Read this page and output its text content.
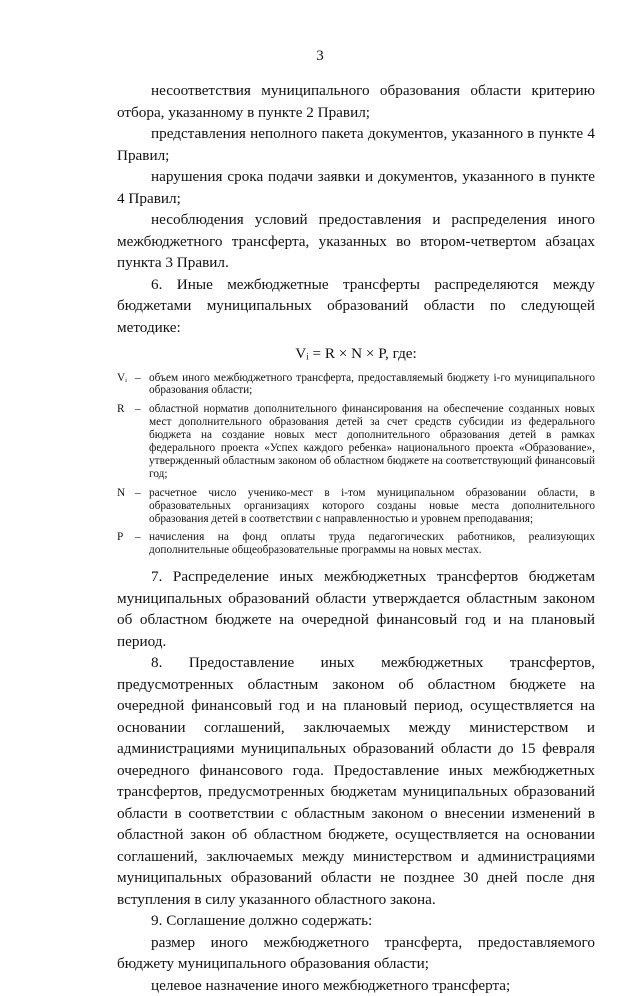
3

несоответствия муниципального образования области критерию отбора, указанному в пункте 2 Правил;

представления неполного пакета документов, указанного в пункте 4 Правил;

нарушения срока подачи заявки и документов, указанного в пункте 4 Правил;

несоблюдения условий предоставления и распределения иного межбюджетного трансферта, указанных во втором-четвертом абзацах пункта 3 Правил.

6. Иные межбюджетные трансферты распределяются между бюджетами муниципальных образований области по следующей методике:

Vᵢ = R × N × P, где:
Vᵢ – объем иного межбюджетного трансферта, предоставляемый бюджету i-го муниципального образования области;
R – областной норматив дополнительного финансирования на обеспечение созданных новых мест дополнительного образования детей за счет средств субсидии из федерального бюджета на создание новых мест дополнительного образования детей в рамках федерального проекта «Успех каждого ребенка» национального проекта «Образование», утвержденный областным законом об областном бюджете на соответствующий финансовый год;
N – расчетное число ученико-мест в i-том муниципальном образовании области, в образовательных организациях которого созданы новые места дополнительного образования детей в соответствии с направленностью и уровнем преподавания;
P	– начисления на фонд оплаты труда педагогических работников, реализующих дополнительные общеобразовательные программы на новых местах.

7. Распределение иных межбюджетных трансфертов бюджетам муниципальных образований области утверждается областным законом об областном бюджете на очередной финансовый год и на плановый период.

8. Предоставление иных межбюджетных трансфертов, предусмотренных областным законом об областном бюджете на очередной финансовый год и на плановый период, осуществляется на основании соглашений, заключаемых между министерством и администрациями муниципальных образований области до 15 февраля очередного финансового года. Предоставление иных межбюджетных трансфертов, предусмотренных бюджетам муниципальных образований области в соответствии с областным законом о внесении изменений в областной закон об областном бюджете, осуществляется на основании соглашений, заключаемых между министерством и администрациями муниципальных образований области не позднее 30 дней после дня вступления в силу указанного областного закона.

9. Соглашение должно содержать:

размер иного межбюджетного трансферта, предоставляемого бюджету муниципального образования области;

целевое назначение иного межбюджетного трансферта;
